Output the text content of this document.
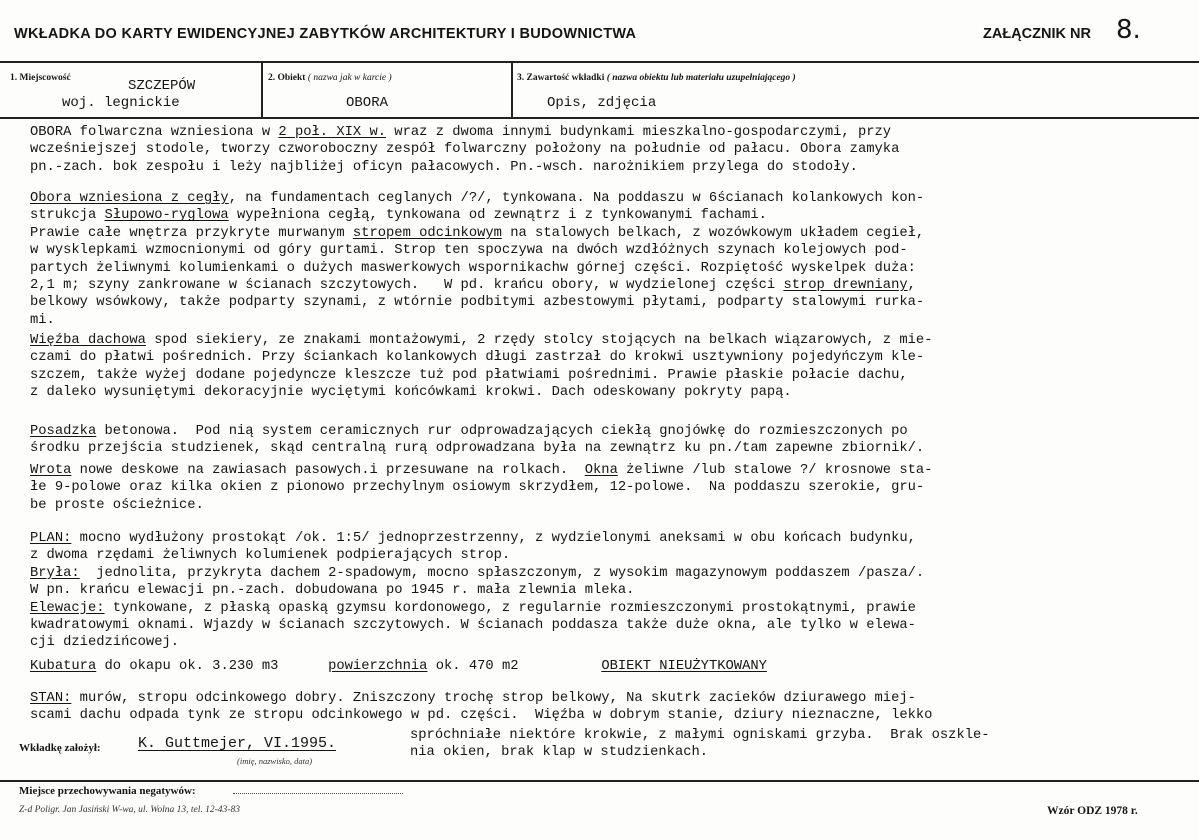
WKŁADKA DO KARTY EWIDENCYJNEJ ZABYTKÓW ARCHITEKTURY I BUDOWNICTWA	ZAŁĄCZNIK NR 8.
1. Miejscowość	SZCZEPÓW
woj. legnickie
2. Obiekt ( nazwa jak w karcie )
OBORA
3. Zawartość wkładki ( nazwa obiektu lub materiału uzupełniającego )
Opis, zdjęcia
OBORA folwarczna wzniesiona w 2 poł. XIX w. wraz z dwoma innymi budynkami mieszkalno-gospodarczymi, przy
wcześniejszej stodole, tworzy czworoboczny zespół folwarczny położony na południe od pałacu. Obora zamyka
pn.-zach. bok zespołu i leży najbliżej oficyn pałacowych. Pn.-wsch. narożnikiem przylega do stodoły.
Obora wzniesiona z cegły, na fundamentach ceglanych /?/, tynkowana. Na poddaszu w 6ścianach kolankowych kon-
strukcja Słupowo-ryglowa wypełniona cegłą, tynkowana od zewnątrz i z tynkowanymi fachami.
Prawie całe wnętrza przykryte murwanym stropem odcinkowym na stalowych belkach, z wozówkowym układem cegieł,
w wysklepkami wzmocnionymi od góry gurtami. Strop ten spoczywa na dwóch wzdłóżnych szynach kolejowych pod-
partych żeliwnymi kolumienkami o dużych maswerkowych wspornikachw górnej części. Rozpiętość wyskelpek duża:
2,1 m; szyny zankrowane w ścianach szczytowych.   W pd. krańcu obory, w wydzielonej części strop drewniany,
belkowy wsówkowy, także podparty szynami, z wtórnie podbitymi azbestowymi płytami, podparty stalowymi rurka-
mi.
Więźba dachowa spod siekiery, ze znakami montażowymi, 2 rzędy stolcy stojących na belkach wiązarowych, z mie-
czami do płatwi pośrednich. Przy ściankach kolankowych długi zastrzał do krokwi usztywniony pojedyńczym kle-
szczem, także wyżej dodane pojedyncze kleszcze tuż pod płatwiami pośrednimi. Prawie płaskie połacie dachu,
z daleko wysuniętymi dekoracyjnie wyciętymi końcówkami krokwi. Dach odeskowany pokryty papą.
Posadzka betonowa.  Pod nią system ceramicznych rur odprowadzających ciekłą gnojówkę do rozmieszczonych po
środku przejścia studzienek, skąd centralną rurą odprowadzana była na zewnątrz ku pn./tam zapewne zbiornik/.
Wrota nowe deskowe na zawiasach pasowych.i przesuwane na rolkach.  Okna żeliwne /lub stalowe ?/ krosnowe sta-
łe 9-polowe oraz kilka okien z pionowo przechylnym osiowym skrzydłem, 12-polowe.  Na poddaszu szerokie, gru-
be proste ościeżnice.
PLAN: mocno wydłużony prostokąt /ok. 1:5/ jednoprzestrzenny, z wydzielonymi aneksami w obu końcach budynku,
z dwoma rzędami żeliwnych kolumienek podpierających strop.
Bryła:  jednolita, przykryta dachem 2-spadowym, mocno spłaszczonym, z wysokim magazynowym poddaszem /pasza/.
W pn. krańcu elewacji pn.-zach. dobudowana po 1945 r. mała zlewnia mleka.
Elewacje: tynkowane, z płaską opaską gzymsu kordonowego, z regularnie rozmieszczonymi prostokątnymi, prawie
kwadratowymi oknami. Wjazdy w ścianach szczytowych. W ścianach poddasza także duże okna, ale tylko w elewa-
cji dziedzińcowej.
Kubatura do okapu ok. 3.230 m3      powierzchnia ok. 470 m2          OBIEKT NIEUŻYTKOWANY
STAN: murów, stropu odcinkowego dobry. Zniszczony trochę strop belkowy, Na skutrk zacieków dziurawego miej-
scami dachu odpada tynk ze stropu odcinkowego w pd. części.  Więźba w dobrym stanie, dziury nieznaczne, lekko
spróchniałe niektóre krokwie, z małymi ogniskami grzyba.  Brak oszkle-
nia okien, brak klap w studzienkach.
Wkładkę założył: K. Guttmejer, VI.1995.
(imię, nazwisko, data)
Miejsce przechowywania negatywów:
Z-d Poligr. Jan Jasiński W-wa, ul. Wolna 13, tel. 12-43-83	Wzór ODZ 1978 r.
